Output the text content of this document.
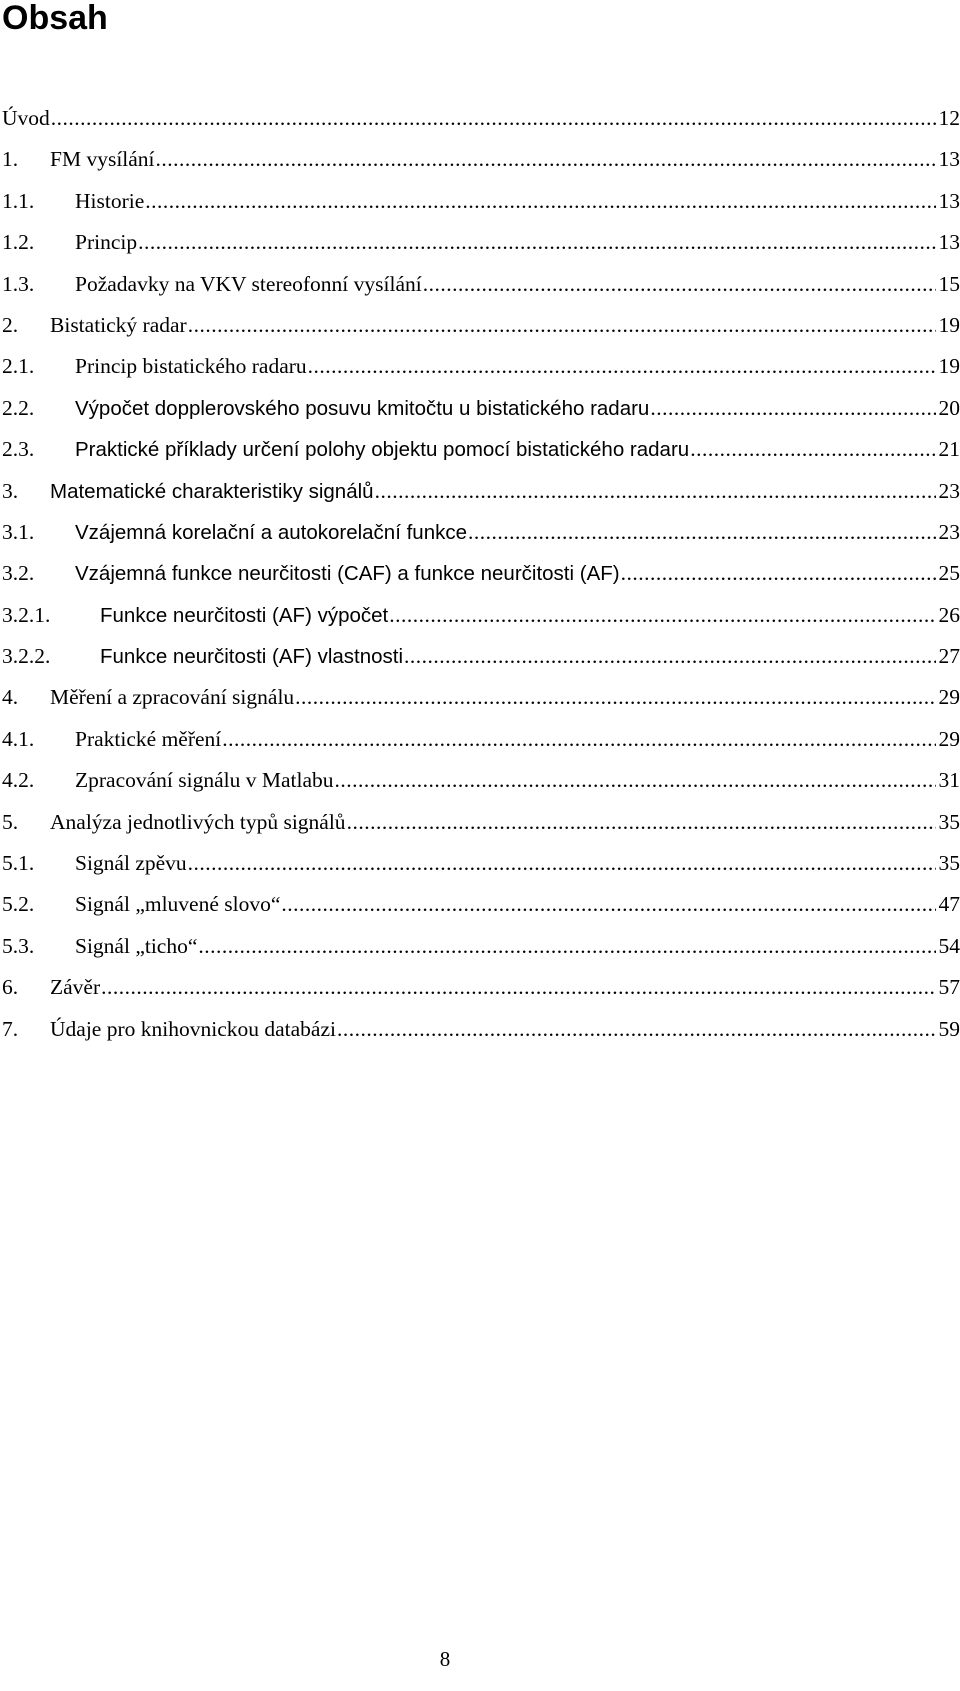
Obsah
Úvod .....	12
1.	FM vysílání .....	13
1.1.	Historie .....	13
1.2.	Princip .....	13
1.3.	Požadavky na VKV stereofonní vysílání .....	15
2.	Bistatický radar .....	19
2.1.	Princip bistatického radaru .....	19
2.2.	Výpočet dopplerovského posuvu kmitočtu u bistatického radaru .....	20
2.3.	Praktické příklady určení polohy objektu pomocí bistatického radaru .....	21
3.	Matematické charakteristiky signálů .....	23
3.1.	Vzájemná korelační a autokorelační funkce .....	23
3.2.	Vzájemná funkce neurčitosti (CAF) a funkce neurčitosti (AF) .....	25
3.2.1.	Funkce neurčitosti (AF) výpočet .....	26
3.2.2.	Funkce neurčitosti (AF) vlastnosti .....	27
4.	Měření a zpracování signálu .....	29
4.1.	Praktické měření .....	29
4.2.	Zpracování signálu v Matlabu .....	31
5.	Analýza jednotlivých typů signálů .....	35
5.1.	Signál zpěvu .....	35
5.2.	Signál „mluvené slovo“ .....	47
5.3.	Signál „ticho“ .....	54
6.	Závěr .....	57
7.	Údaje pro knihovnickou databázi .....	59
8
